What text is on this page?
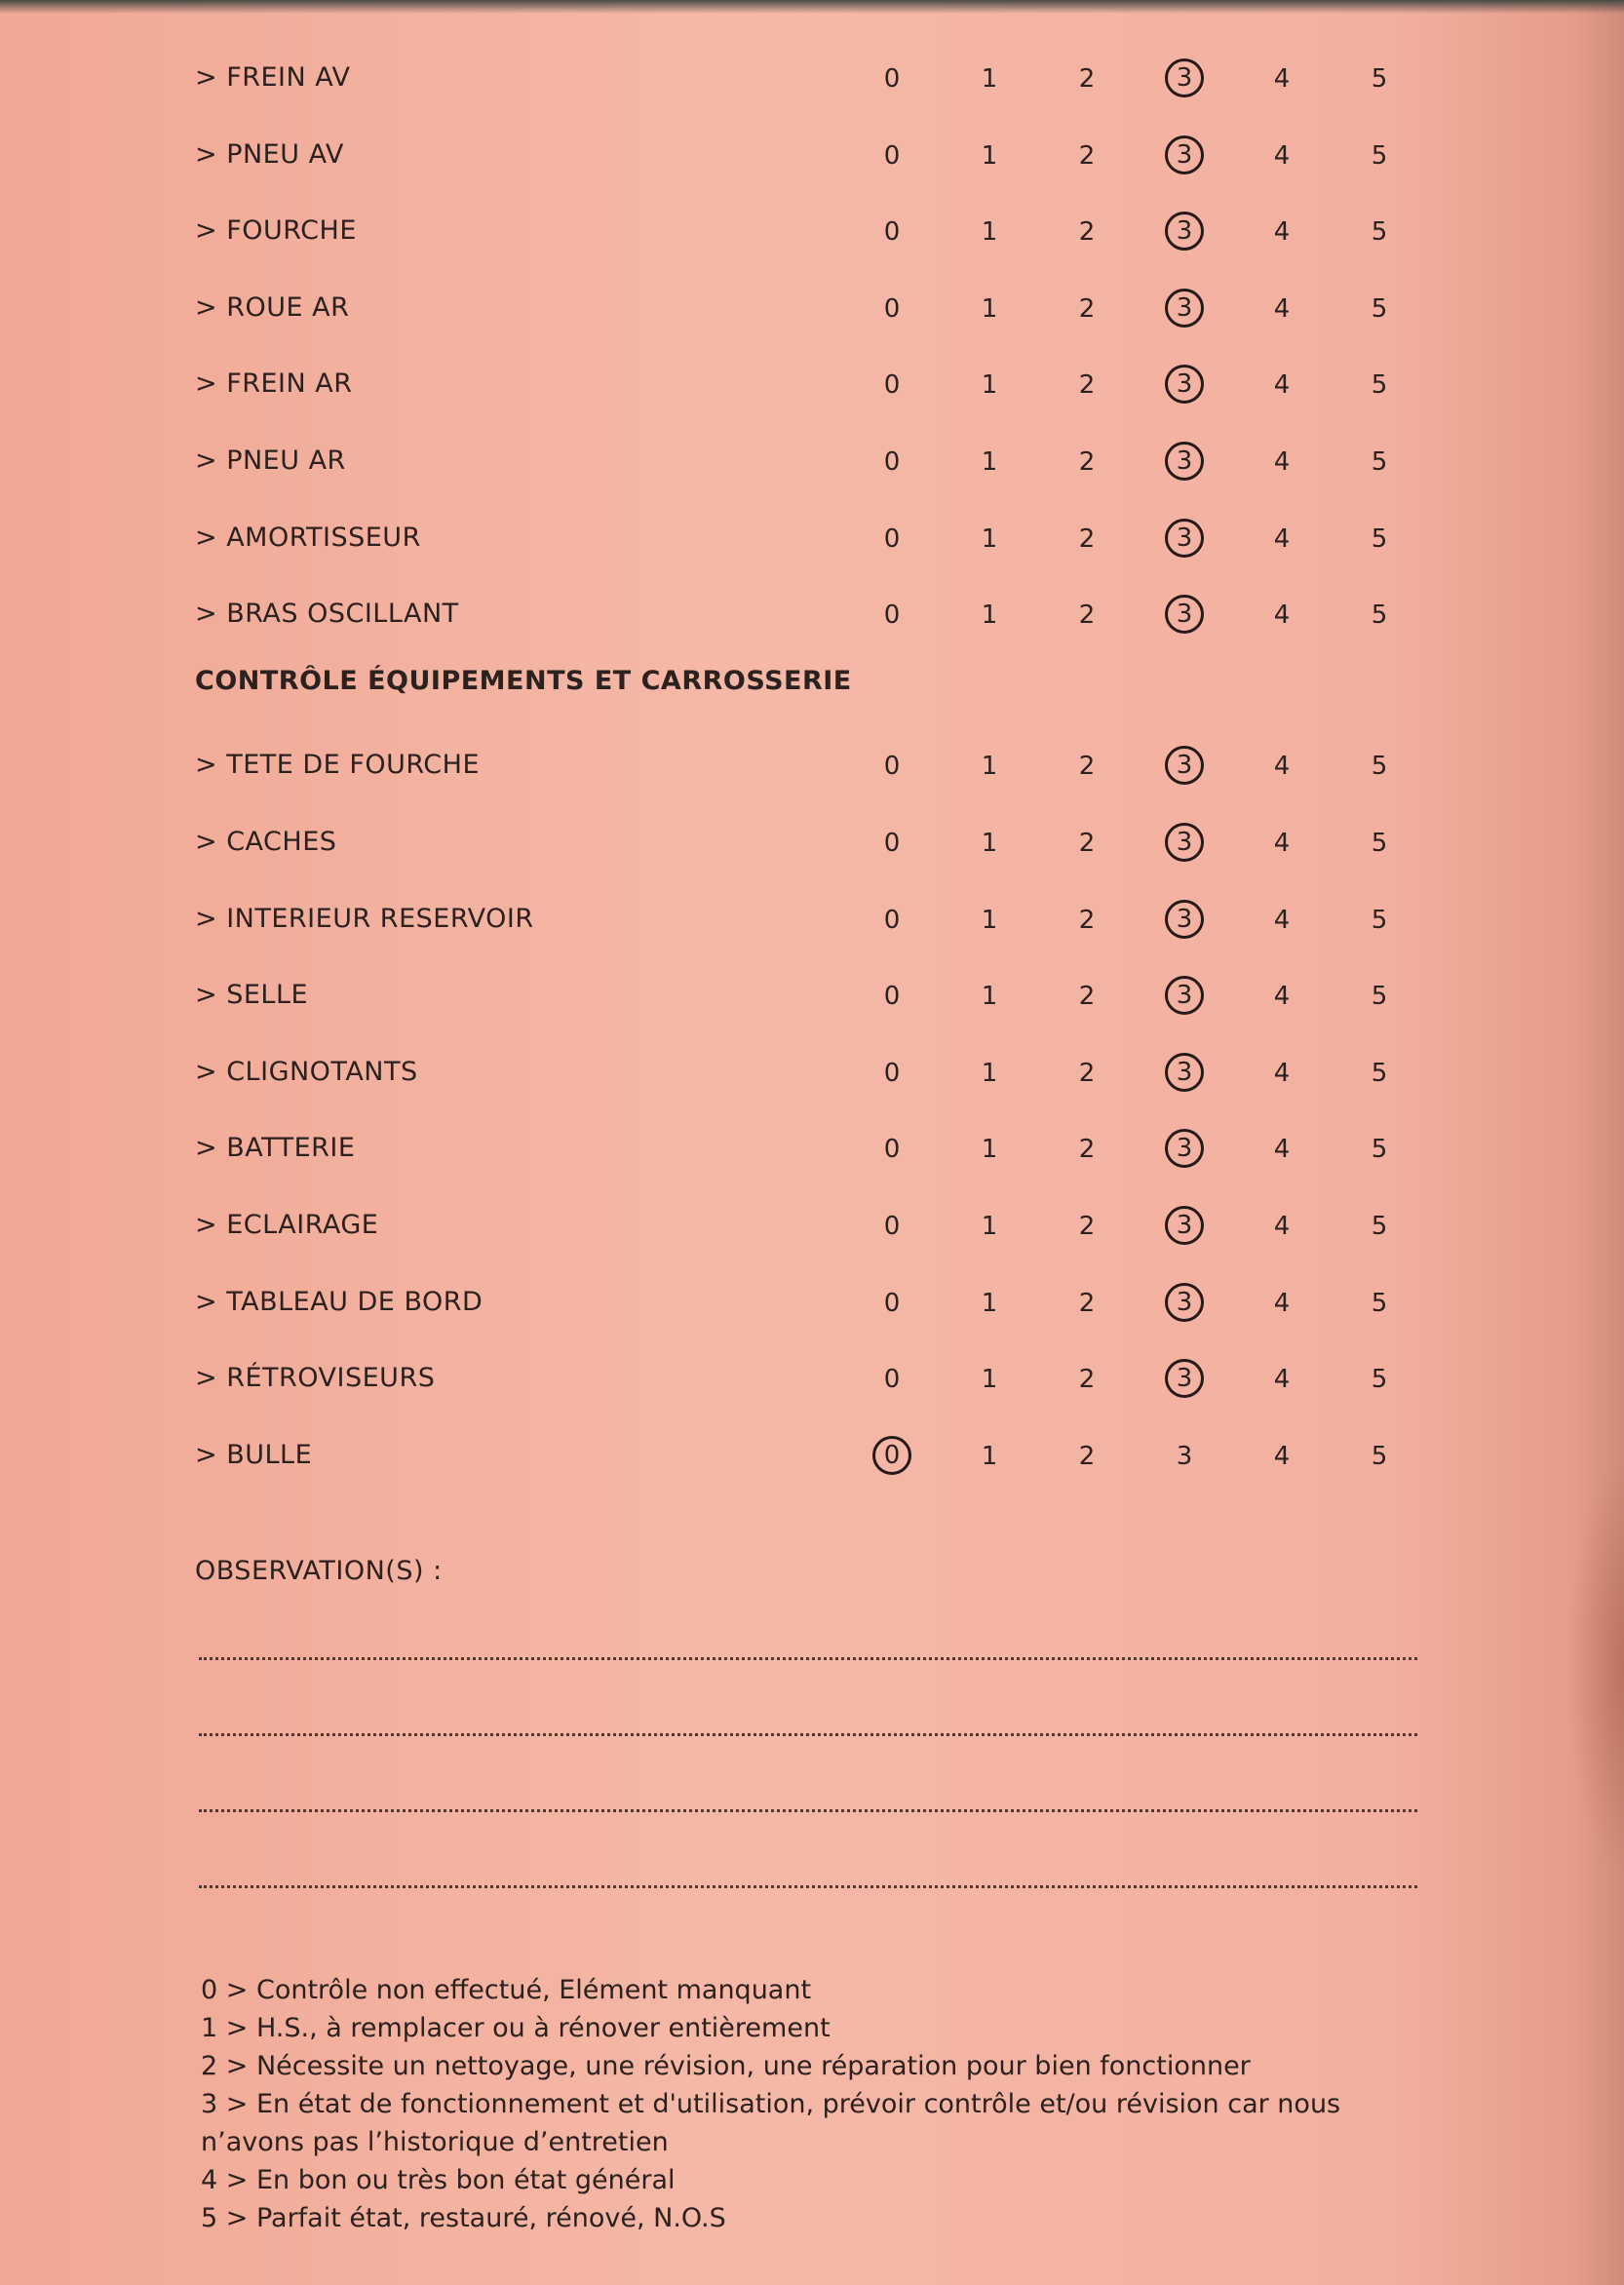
> FREIN AV	0	1	2	3	4	5
> PNEU AV	0	1	2	3	4	5
> FOURCHE	0	1	2	3	4	5
> ROUE AR	0	1	2	3	4	5
> FREIN AR	0	1	2	3	4	5
> PNEU AR	0	1	2	3	4	5
> AMORTISSEUR	0	1	2	3	4	5
> BRAS OSCILLANT	0	1	2	3	4	5
CONTRÔLE ÉQUIPEMENTS ET CARROSSERIE
> TETE DE FOURCHE	0	1	2	3	4	5
> CACHES	0	1	2	3	4	5
> INTERIEUR RESERVOIR	0	1	2	3	4	5
> SELLE	0	1	2	3	4	5
> CLIGNOTANTS	0	1	2	3	4	5
> BATTERIE	0	1	2	3	4	5
> ECLAIRAGE	0	1	2	3	4	5
> TABLEAU DE BORD	0	1	2	3	4	5
> RÉTROVISEURS	0	1	2	3	4	5
> BULLE	0	1	2	3	4	5
OBSERVATION(S) :
0 > Contrôle non effectué, Elément manquant
1 > H.S., à remplacer ou à rénover entièrement
2 > Nécessite un nettoyage, une révision, une réparation pour bien fonctionner
3 > En état de fonctionnement et d'utilisation, prévoir contrôle et/ou révision car nous
n’avons pas l’historique d’entretien
4 > En bon ou très bon état général
5 > Parfait état, restauré, rénové, N.O.S
